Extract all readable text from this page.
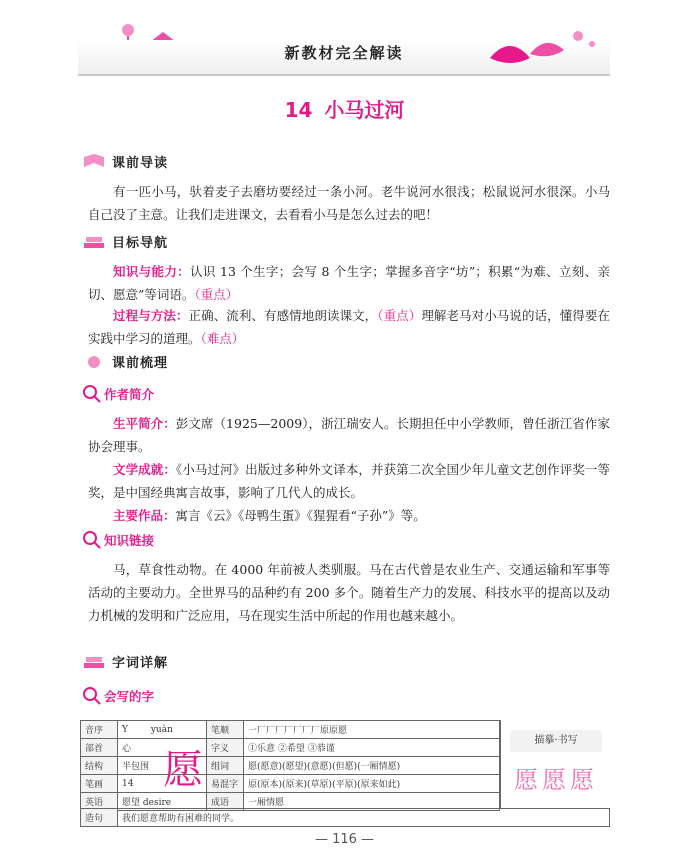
新教材完全解读
14 小马过河
课前导读
有一匹小马，驮着麦子去磨坊要经过一条小河。老牛说河水很浅；松鼠说河水很深。小马自己没了主意。让我们走进课文，去看看小马是怎么过去的吧！
目标导航
知识与能力：认识 13 个生字；会写 8 个生字；掌握多音字“坊”；积累“为难、立刻、亲切、愿意”等词语。（重点）
过程与方法：正确、流利、有感情地朗读课文，（重点）理解老马对小马说的话，懂得要在实践中学习的道理。（难点）
课前梳理
作者简介
生平简介：彭文席（1925—2009），浙江瑞安人。长期担任中小学教师，曾任浙江省作家协会理事。
文学成就：《小马过河》出版过多种外文译本，并获第二次全国少年儿童文艺创作评奖一等奖，是中国经典寓言故事，影响了几代人的成长。
主要作品：寓言《云》《母鸭生蛋》《猩猩看“子孙”》等。
知识链接
马，草食性动物。在 4000 年前被人类驯服。马在古代曾是农业生产、交通运输和军事等活动的主要动力。全世界马的品种约有 200 多个。随着生产力的发展、科技水平的提高以及动力机械的发明和广泛应用，马在现实生活中所起的作用也越来越小。
字词详解
会写的字
音序	Y yuàn	笔顺	一厂厂厂厂厂厂厂原原愿
部首	心	字义	①乐意 ②希望 ③恭谨
结构	半包围	组词	愿(愿意)(愿望)(意愿)(但愿)(一厢情愿)
笔画	14	易混字	原(原本)(原来)(草原)(平原)(原来如此)
英语	愿望 desire	成语	一厢情愿
愿
描摹·书写
愿愿愿
造句	我们愿意帮助有困难的同学。
— 116 —
